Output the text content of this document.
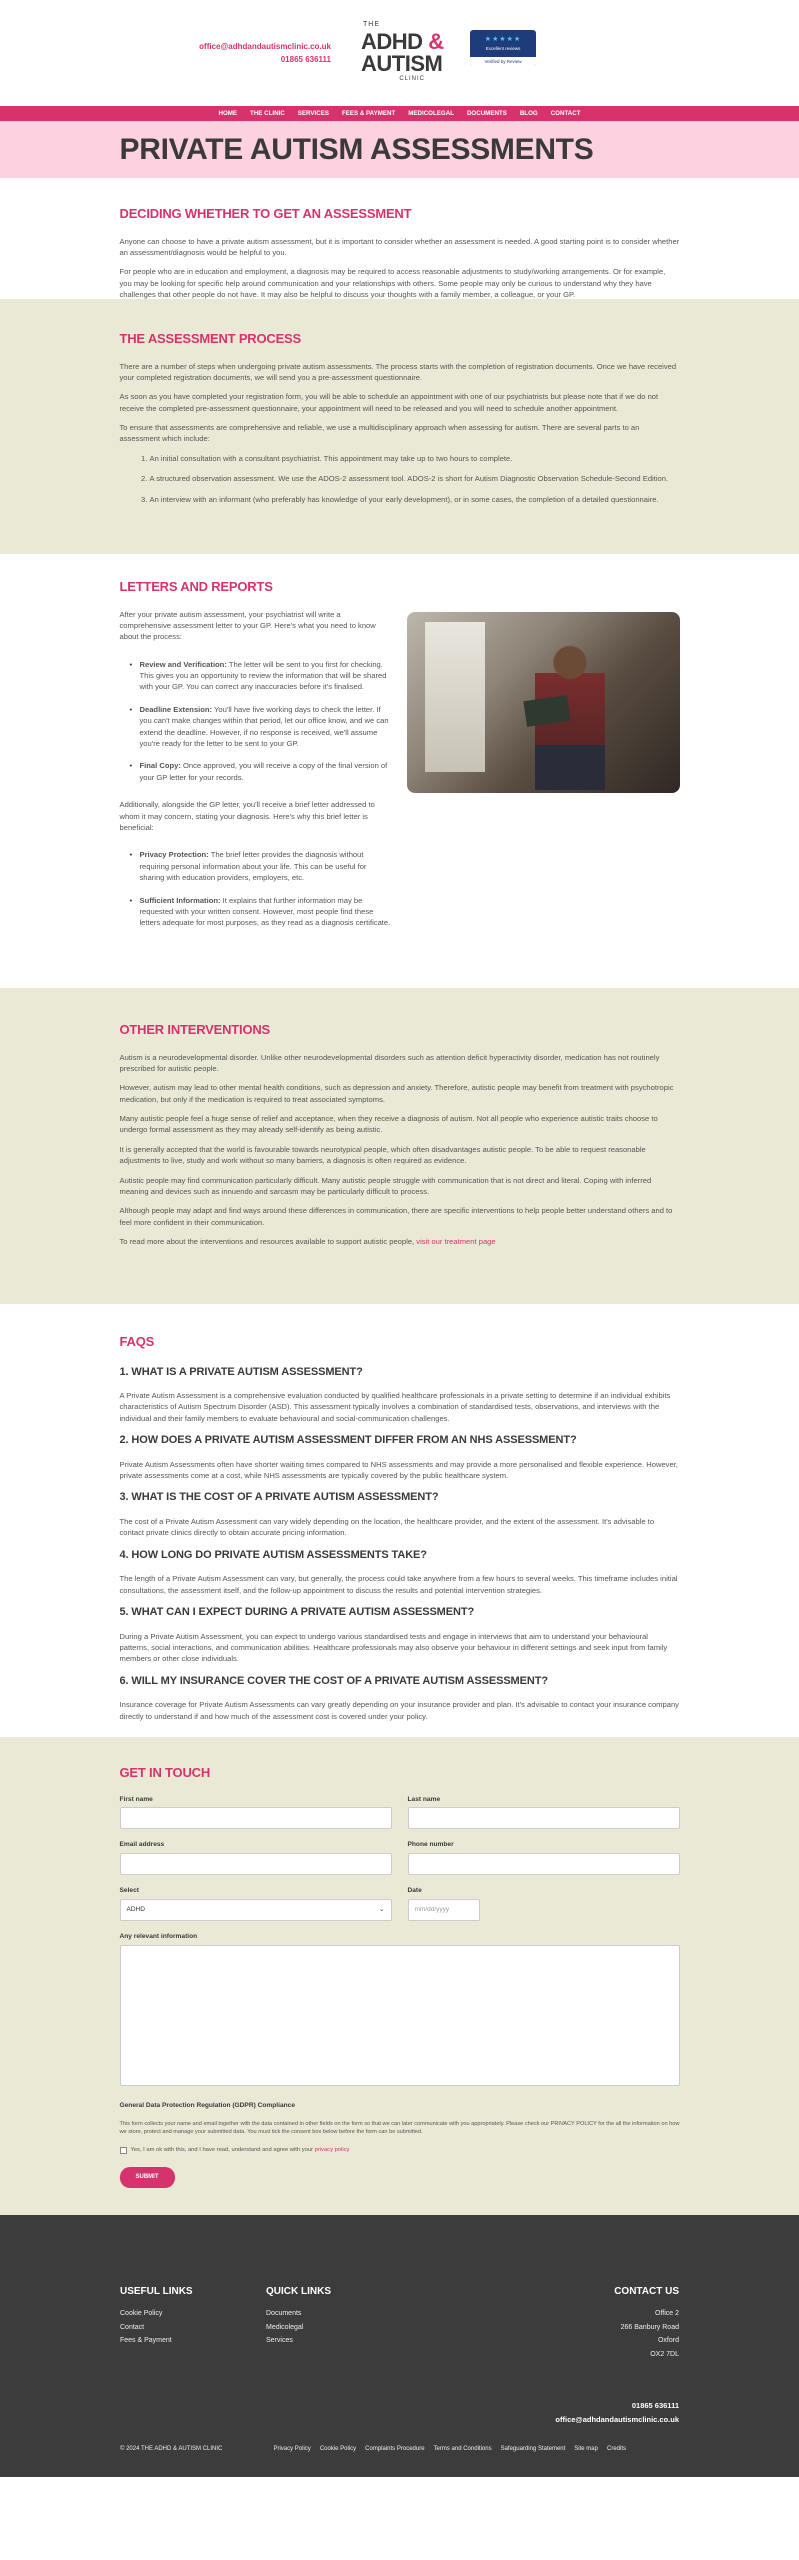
office@adhdandautismclinic.co.uk
01865 636111
THE
ADHD &
AUTISM
CLINIC
★★★★★
Excellent reviews
Verified by Review
HOME THE CLINIC SERVICES FEES & PAYMENT MEDICOLEGAL DOCUMENTS BLOG CONTACT
PRIVATE AUTISM ASSESSMENTS
DECIDING WHETHER TO GET AN ASSESSMENT

Anyone can choose to have a private autism assessment, but it is important to consider whether an assessment is needed. A good starting point is to consider whether an assessment/diagnosis would be helpful to you.

For people who are in education and employment, a diagnosis may be required to access reasonable adjustments to study/working arrangements. Or for example, you may be looking for specific help around communication and your relationships with others. Some people may only be curious to understand why they have challenges that other people do not have. It may also be helpful to discuss your thoughts with a family member, a colleague, or your GP.

THE ASSESSMENT PROCESS

There are a number of steps when undergoing private autism assessments. The process starts with the completion of registration documents. Once we have received your completed registration documents, we will send you a pre-assessment questionnaire.

As soon as you have completed your registration form, you will be able to schedule an appointment with one of our psychiatrists but please note that if we do not receive the completed pre-assessment questionnaire, your appointment will need to be released and you will need to schedule another appointment.

To ensure that assessments are comprehensive and reliable, we use a multidisciplinary approach when assessing for autism. There are several parts to an assessment which include:

1. An initial consultation with a consultant psychiatrist. This appointment may take up to two hours to complete.
2. A structured observation assessment. We use the ADOS-2 assessment tool. ADOS-2 is short for Autism Diagnostic Observation Schedule-Second Edition.
3. An interview with an informant (who preferably has knowledge of your early development), or in some cases, the completion of a detailed questionnaire.
LETTERS AND REPORTS

After your private autism assessment, your psychiatrist will write a comprehensive assessment letter to your GP. Here's what you need to know about the process:

• Review and Verification: The letter will be sent to you first for checking. This gives you an opportunity to review the information that will be shared with your GP. You can correct any inaccuracies before it's finalised.
• Deadline Extension: You'll have five working days to check the letter. If you can't make changes within that period, let our office know, and we can extend the deadline. However, if no response is received, we'll assume you're ready for the letter to be sent to your GP.
• Final Copy: Once approved, you will receive a copy of the final version of your GP letter for your records.

Additionally, alongside the GP letter, you'll receive a brief letter addressed to whom it may concern, stating your diagnosis. Here's why this brief letter is beneficial:

• Privacy Protection: The brief letter provides the diagnosis without requiring personal information about your life. This can be useful for sharing with education providers, employers, etc.
• Sufficient Information: It explains that further information may be requested with your written consent. However, most people find these letters adequate for most purposes, as they read as a diagnosis certificate.
OTHER INTERVENTIONS

Autism is a neurodevelopmental disorder. Unlike other neurodevelopmental disorders such as attention deficit hyperactivity disorder, medication has not routinely prescribed for autistic people.

However, autism may lead to other mental health conditions, such as depression and anxiety. Therefore, autistic people may benefit from treatment with psychotropic medication, but only if the medication is required to treat associated symptoms.

Many autistic people feel a huge sense of relief and acceptance, when they receive a diagnosis of autism. Not all people who experience autistic traits choose to undergo formal assessment as they may already self-identify as being autistic.

It is generally accepted that the world is favourable towards neurotypical people, which often disadvantages autistic people. To be able to request reasonable adjustments to live, study and work without so many barriers, a diagnosis is often required as evidence.

Autistic people may find communication particularly difficult. Many autistic people struggle with communication that is not direct and literal. Coping with inferred meaning and devices such as innuendo and sarcasm may be particularly difficult to process.

Although people may adapt and find ways around these differences in communication, there are specific interventions to help people better understand others and to feel more confident in their communication.

To read more about the interventions and resources available to support autistic people, visit our treatment page

FAQS
1. WHAT IS A PRIVATE AUTISM ASSESSMENT?

A Private Autism Assessment is a comprehensive evaluation conducted by qualified healthcare professionals in a private setting to determine if an individual exhibits characteristics of Autism Spectrum Disorder (ASD). This assessment typically involves a combination of standardised tests, observations, and interviews with the individual and their family members to evaluate behavioural and social-communication challenges.

2. HOW DOES A PRIVATE AUTISM ASSESSMENT DIFFER FROM AN NHS ASSESSMENT?

Private Autism Assessments often have shorter waiting times compared to NHS assessments and may provide a more personalised and flexible experience. However, private assessments come at a cost, while NHS assessments are typically covered by the public healthcare system.

3. WHAT IS THE COST OF A PRIVATE AUTISM ASSESSMENT?

The cost of a Private Autism Assessment can vary widely depending on the location, the healthcare provider, and the extent of the assessment. It's advisable to contact private clinics directly to obtain accurate pricing information.

4. HOW LONG DO PRIVATE AUTISM ASSESSMENTS TAKE?

The length of a Private Autism Assessment can vary, but generally, the process could take anywhere from a few hours to several weeks. This timeframe includes initial consultations, the assessment itself, and the follow-up appointment to discuss the results and potential intervention strategies.

5. WHAT CAN I EXPECT DURING A PRIVATE AUTISM ASSESSMENT?

During a Private Autism Assessment, you can expect to undergo various standardised tests and engage in interviews that aim to understand your behavioural patterns, social interactions, and communication abilities. Healthcare professionals may also observe your behaviour in different settings and seek input from family members or other close individuals.

6. WILL MY INSURANCE COVER THE COST OF A PRIVATE AUTISM ASSESSMENT?

Insurance coverage for Private Autism Assessments can vary greatly depending on your insurance provider and plan. It's advisable to contact your insurance company directly to understand if and how much of the assessment cost is covered under your policy.

GET IN TOUCH
First name	Last name
Email address	Phone number
Select
ADHD	⌄
Date
mm/dd/yyyy
Any relevant information
General Data Protection Regulation (GDPR) Compliance
This form collects your name and email together with the data contained in other fields on the form so that we can later communicate with you appropriately. Please check our PRIVACY POLICY for the all the information on how we store, protect and manage your submitted data. You must tick the consent box below before the form can be submitted.
Yes, I am ok with this, and I have read, understand and agree with your privacy policy
SUBMIT
USEFUL LINKS
Cookie Policy
Contact
Fees & Payment
QUICK LINKS
Documents
Medicolegal
Services
CONTACT US
Office 2
266 Banbury Road
Oxford
OX2 7DL
01865 636111
office@adhdandautismclinic.co.uk
© 2024 THE ADHD & AUTISM CLINIC	Privacy Policy Cookie Policy Complaints Procedure Terms and Conditions Safeguarding Statement Site map Credits
